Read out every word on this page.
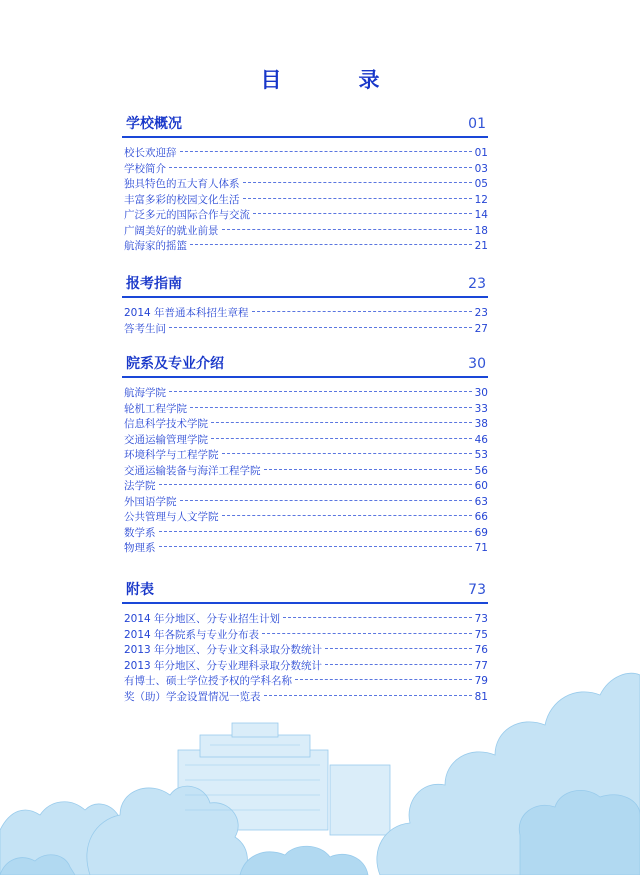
目　录
学校概况	01
校长欢迎辞	01
学校简介	03
独具特色的五大育人体系	05
丰富多彩的校园文化生活	12
广泛多元的国际合作与交流	14
广阔美好的就业前景	18
航海家的摇篮	21
报考指南	23
2014 年普通本科招生章程	23
答考生问	27
院系及专业介绍	30
航海学院	30
轮机工程学院	33
信息科学技术学院	38
交通运输管理学院	46
环境科学与工程学院	53
交通运输装备与海洋工程学院	56
法学院	60
外国语学院	63
公共管理与人文学院	66
数学系	69
物理系	71
附表	73
2014 年分地区、分专业招生计划	73
2014 年各院系与专业分布表	75
2013 年分地区、分专业文科录取分数统计	76
2013 年分地区、分专业理科录取分数统计	77
有博士、硕士学位授予权的学科名称	79
奖（助）学金设置情况一览表	81
